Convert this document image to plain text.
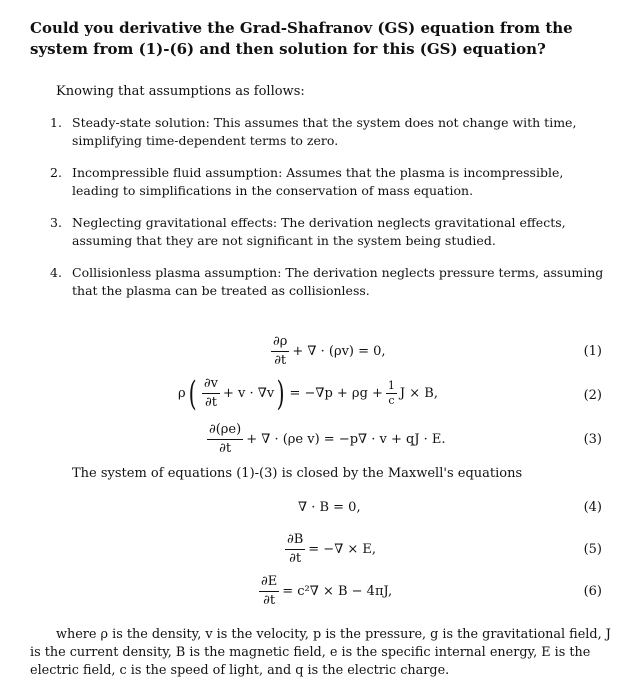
Could you derivative the Grad-Shafranov (GS) equation from the system from (1)-(6) and then solution for this (GS) equation?
Knowing that assumptions as follows:
1. Steady-state solution: This assumes that the system does not change with time, simplifying time-dependent terms to zero.
2. Incompressible fluid assumption: Assumes that the plasma is incompressible, leading to simplifications in the conservation of mass equation.
3. Neglecting gravitational effects: The derivation neglects gravitational effects, assuming that they are not significant in the system being studied.
4. Collisionless plasma assumption: The derivation neglects pressure terms, assuming that the plasma can be treated as collisionless.
$\frac{\partial\rho}{\partial t}$ + ∇ · (ρv) = 0,	(1)
ρ ( $\frac{\partial v}{\partial t} + v \cdot \nabla v$ ) = $-\nabla p + \rho g + \frac{1}{c}$ J × B,	(2)
$\frac{\partial(\rho e)}{\partial t}$ + ∇ · (ρe v) = −p∇ · v + qJ · E.	(3)
The system of equations (1)-(3) is closed by the Maxwell's equations
∇ · B = 0,	(4)
$\frac{\partial B}{\partial t}$ = −∇ × E,	(5)
$\frac{\partial E}{\partial t} = c^2\nabla \times B - 4\pi J$,	(6)
where ρ is the density, v is the velocity, p is the pressure, g is the gravitational field, J is the current density, B is the magnetic field, e is the specific internal energy, E is the electric field, c is the speed of light, and q is the electric charge.
